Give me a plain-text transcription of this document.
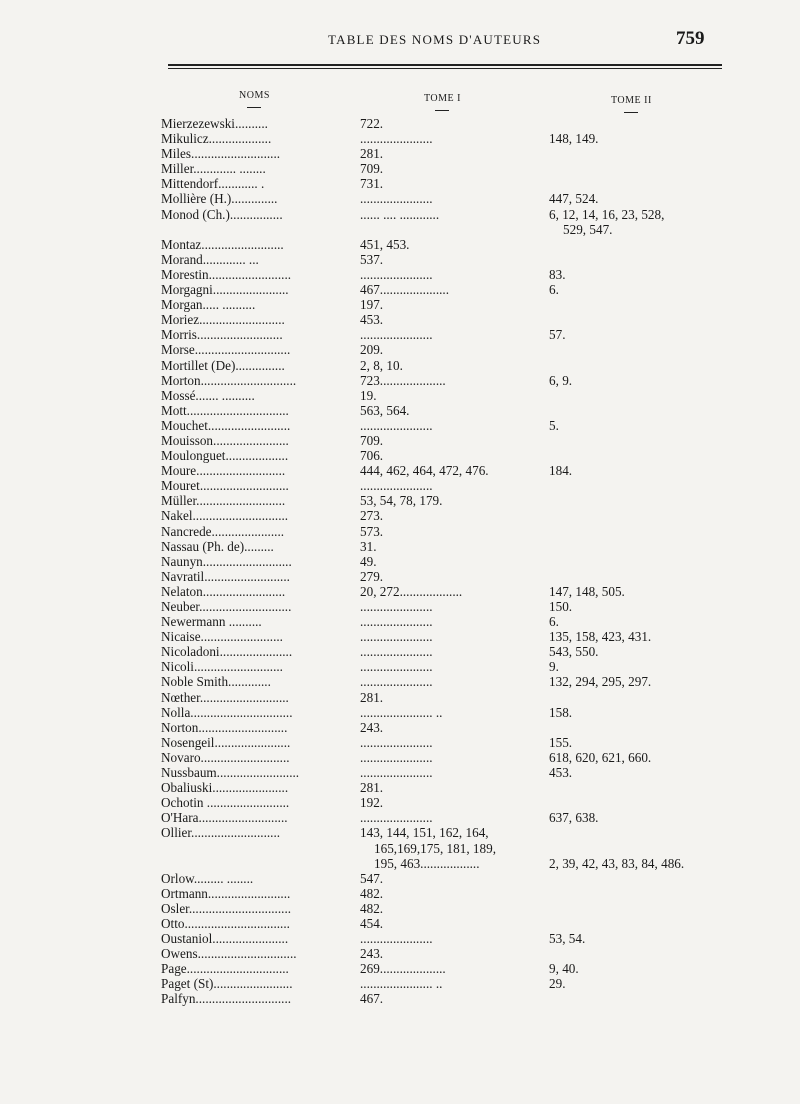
TABLE DES NOMS D'AUTEURS	759
NOMS	TOME I	TOME II
Mierzezewski..........	722.
Mikulicz...................	......................	148, 149.
Miles...........................	281.
Miller............. ........	709.
Mittendorf............ .	731.
Mollière (H.)..............	......................	447, 524.
Monod (Ch.)................	...... .... ............	6, 12, 14, 16, 23, 528,
529, 547.
Montaz.........................	451, 453.
Morand............. ...	537.
Morestin.........................	......................	83.
Morgagni.......................	467.....................	6.
Morgan..... ..........	197.
Moriez..........................	453.
Morris..........................	......................	57.
Morse.............................	209.
Mortillet (De)...............	2, 8, 10.
Morton.............................	723....................	6, 9.
Mossé....... ..........	19.
Mott...............................	563, 564.
Mouchet.........................	......................	5.
Mouisson.......................	709.
Moulonguet...................	706.
Moure...........................	444, 462, 464, 472, 476.	184.
Mouret...........................	......................
Müller...........................	53, 54, 78, 179.
Nakel.............................	273.
Nancrede......................	573.
Nassau (Ph. de).........	31.
Naunyn...........................	49.
Navratil..........................	279.
Nelaton.........................	20, 272...................	147, 148, 505.
Neuber............................	......................	150.
Newermann ..........	......................	6.
Nicaise.........................	......................	135, 158, 423, 431.
Nicoladoni......................	......................	543, 550.
Nicoli...........................	......................	9.
Noble Smith.............	......................	132, 294, 295, 297.
Nœther...........................	281.
Nolla...............................	...................... ..	158.
Norton...........................	243.
Nosengeil.......................	......................	155.
Novaro...........................	......................	618, 620, 621, 660.
Nussbaum.........................	......................	453.
Obaliuski.......................	281.
Ochotin .........................	192.
O'Hara...........................	......................	637, 638.
Ollier...........................	143, 144, 151, 162, 164,
165,169,175, 181, 189,
195, 463..................	2, 39, 42, 43, 83, 84, 486.
Orlow......... ........	547.
Ortmann.........................	482.
Osler...............................	482.
Otto................................	454.
Oustaniol.......................	......................	53, 54.
Owens..............................	243.
Page...............................	269....................	9, 40.
Paget (St)........................	...................... ..	29.
Palfyn.............................	467.
